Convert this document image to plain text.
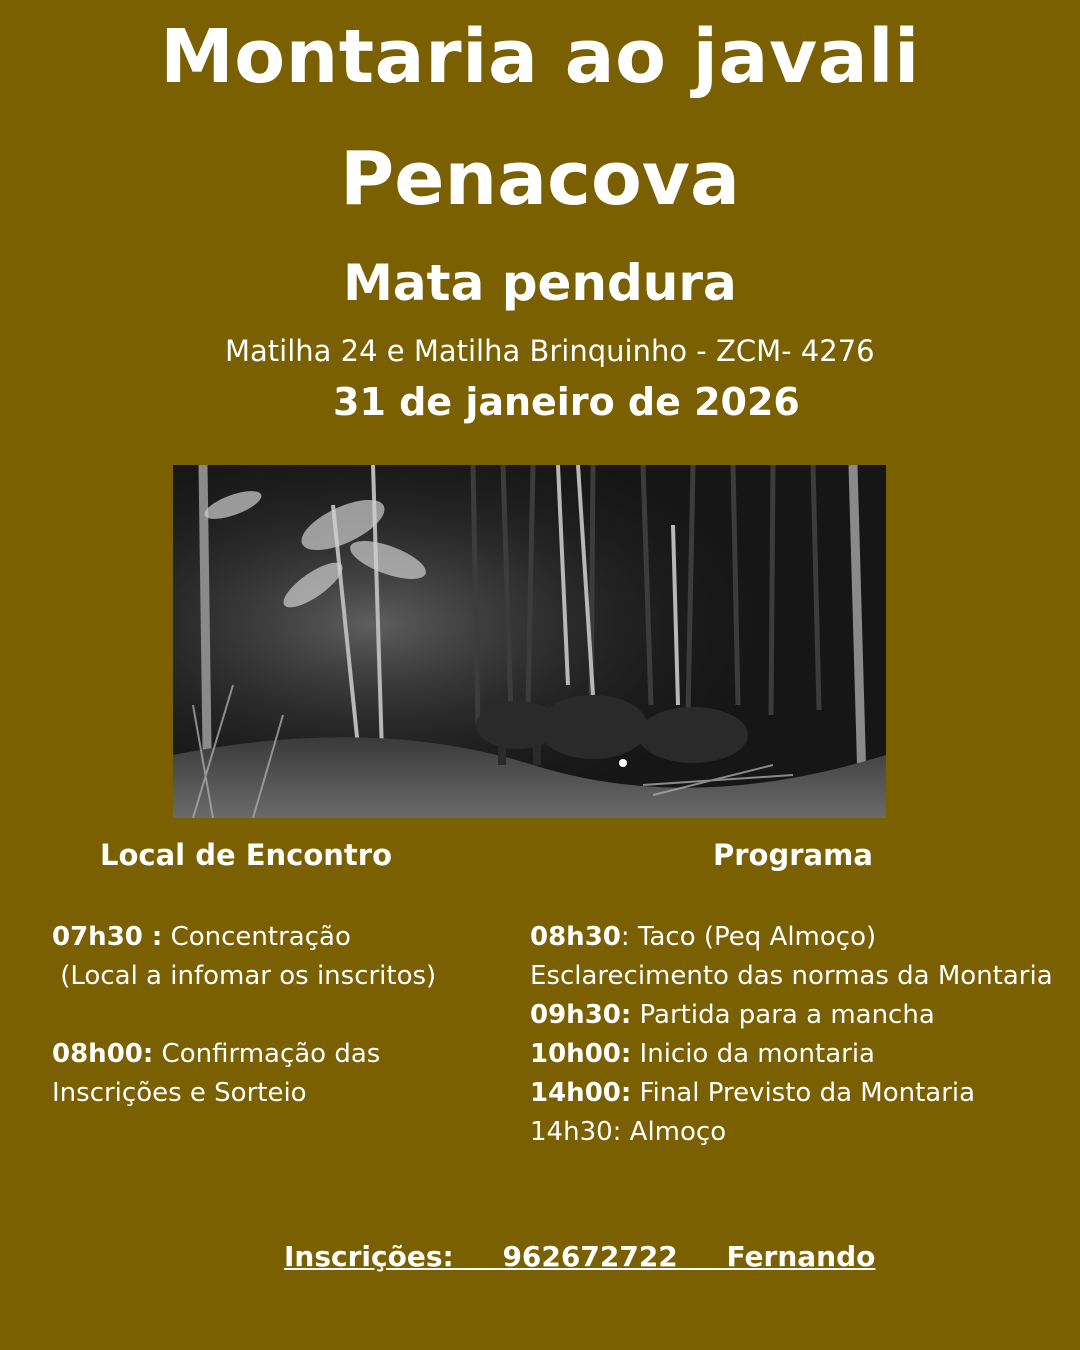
Montaria ao javali
Penacova
Mata pendura
Matilha 24 e Matilha Brinquinho - ZCM- 4276
31 de janeiro de 2026
Local de Encontro	Programa
07h30 : Concentração
(Local a infomar os inscritos)
08h00: Confirmação das
Inscrições e Sorteio
08h30: Taco (Peq Almoço)
Esclarecimento das normas da Montaria
09h30: Partida para a mancha
10h00: Inicio da montaria
14h00: Final Previsto da Montaria
14h30: Almoço
Inscrições:     962672722     Fernando
